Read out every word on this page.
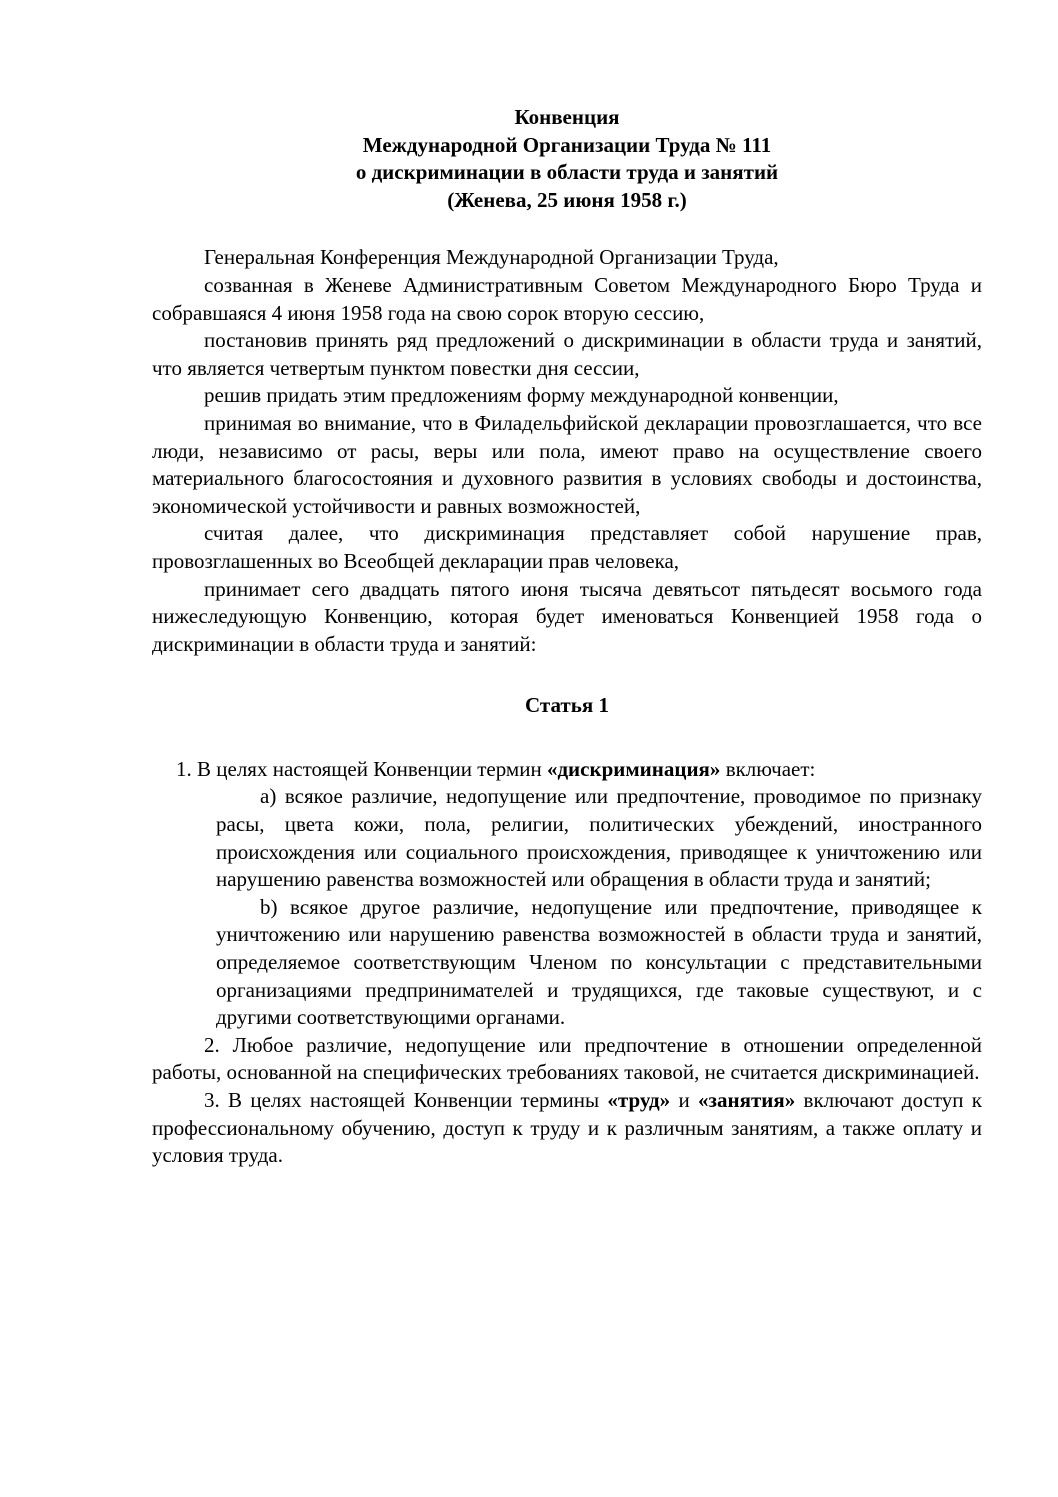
Конвенция
Международной Организации Труда № 111
о дискриминации в области труда и занятий
(Женева, 25 июня 1958 г.)

Генеральная Конференция Международной Организации Труда,

созванная в Женеве Административным Советом Международного Бюро Труда и собравшаяся 4 июня 1958 года на свою сорок вторую сессию,

постановив принять ряд предложений о дискриминации в области труда и занятий, что является четвертым пунктом повестки дня сессии,

решив придать этим предложениям форму международной конвенции,

принимая во внимание, что в Филадельфийской декларации провозглашается, что все люди, независимо от расы, веры или пола, имеют право на осуществление своего материального благосостояния и духовного развития в условиях свободы и достоинства, экономической устойчивости и равных возможностей,

считая далее, что дискриминация представляет собой нарушение прав, провозглашенных во Всеобщей декларации прав человека,

принимает сего двадцать пятого июня тысяча девятьсот пятьдесят восьмого года нижеследующую Конвенцию, которая будет именоваться Конвенцией 1958 года о дискриминации в области труда и занятий:

Статья 1

1. В целях настоящей Конвенции термин «дискриминация» включает:

a) всякое различие, недопущение или предпочтение, проводимое по признаку расы, цвета кожи, пола, религии, политических убеждений, иностранного происхождения или социального происхождения, приводящее к уничтожению или нарушению равенства возможностей или обращения в области труда и занятий;

b) всякое другое различие, недопущение или предпочтение, приводящее к уничтожению или нарушению равенства возможностей в области труда и занятий, определяемое соответствующим Членом по консультации с представительными организациями предпринимателей и трудящихся, где таковые существуют, и с другими соответствующими органами.

2. Любое различие, недопущение или предпочтение в отношении определенной работы, основанной на специфических требованиях таковой, не считается дискриминацией.

3. В целях настоящей Конвенции термины «труд» и «занятия» включают доступ к профессиональному обучению, доступ к труду и к различным занятиям, а также оплату и условия труда.
